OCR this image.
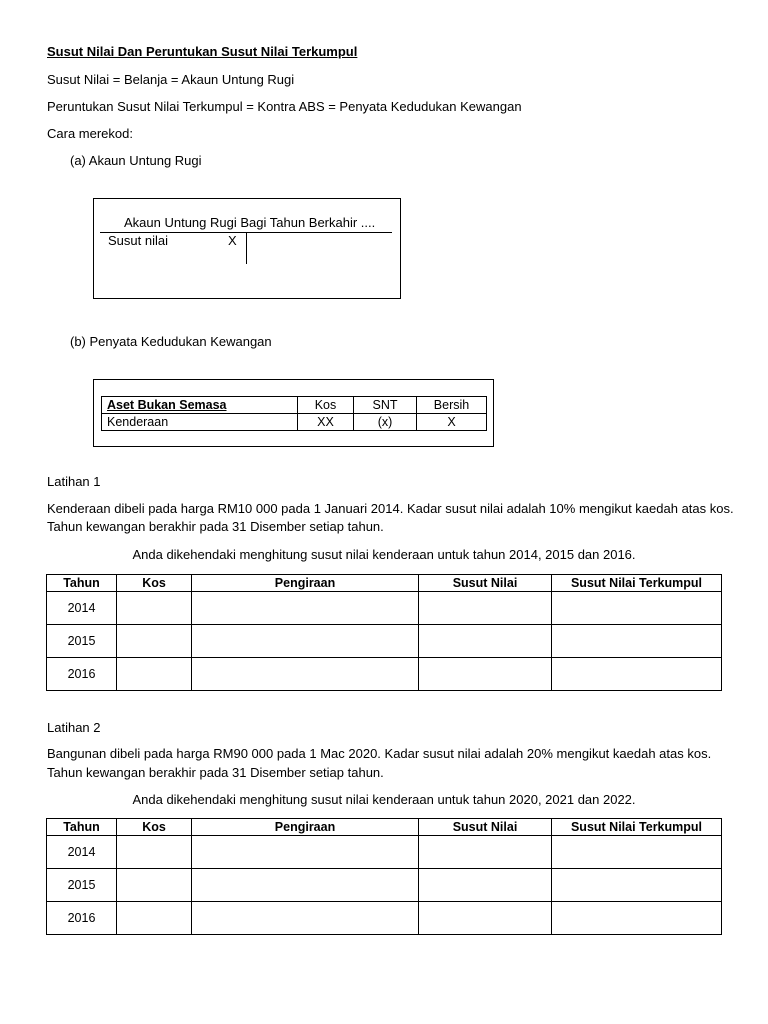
Susut Nilai Dan Peruntukan Susut Nilai Terkumpul
Susut Nilai = Belanja = Akaun Untung Rugi
Peruntukan Susut Nilai Terkumpul = Kontra ABS = Penyata Kedudukan Kewangan
Cara merekod:
(a) Akaun Untung Rugi
Akaun Untung Rugi Bagi Tahun Berkahir ....
Susut nilai	X
(b) Penyata Kedudukan Kewangan
Aset Bukan Semasa	Kos	SNT	Bersih
Kenderaan	XX	(x)	X
Latihan 1
Kenderaan dibeli pada harga RM10 000 pada 1 Januari 2014. Kadar susut nilai adalah 10% mengikut kaedah atas kos.
Tahun kewangan berakhir pada 31 Disember setiap tahun.
Anda dikehendaki menghitung susut nilai kenderaan untuk tahun 2014, 2015 dan 2016.
Tahun	Kos	Pengiraan	Susut Nilai	Susut Nilai Terkumpul
2014				
2015				
2016				
Latihan 2
Bangunan dibeli pada harga RM90 000 pada 1 Mac 2020. Kadar susut nilai adalah 20% mengikut kaedah atas kos.
Tahun kewangan berakhir pada 31 Disember setiap tahun.
Anda dikehendaki menghitung susut nilai kenderaan untuk tahun 2020, 2021 dan 2022.
Tahun	Kos	Pengiraan	Susut Nilai	Susut Nilai Terkumpul
2014				
2015				
2016				
